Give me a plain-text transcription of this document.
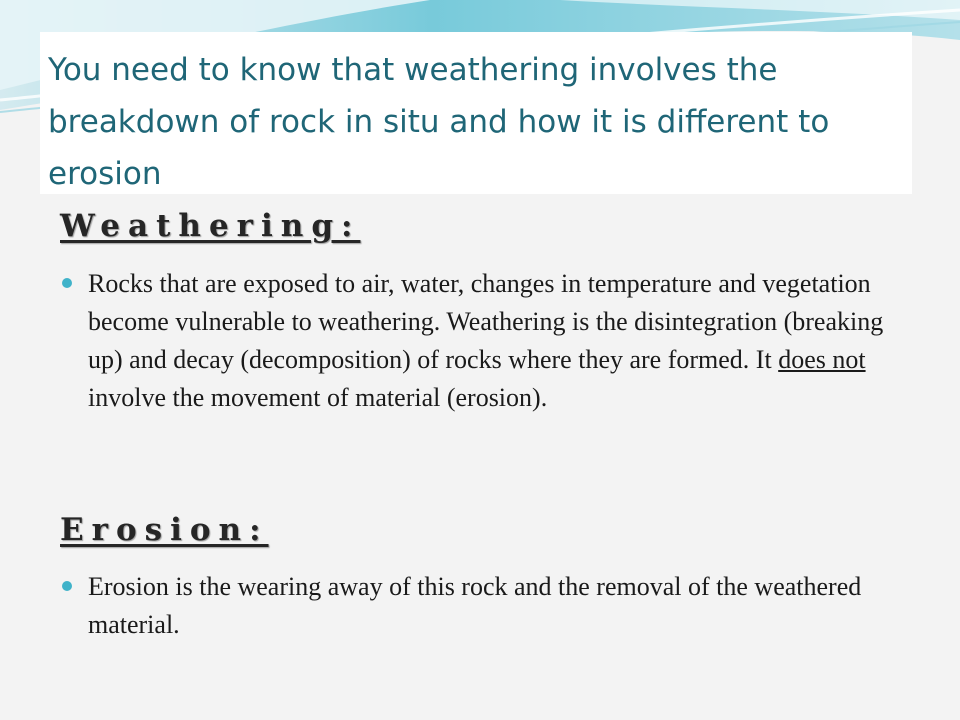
You need to know that weathering involves the breakdown of rock in situ and how it is different to erosion
Weathering:

Rocks that are exposed to air, water, changes in temperature and vegetation become vulnerable to weathering. Weathering is the disintegration (breaking up) and decay (decomposition) of rocks where they are formed. It does not involve the movement of material (erosion).

Erosion:

Erosion is the wearing away of this rock and the removal of the weathered material.
